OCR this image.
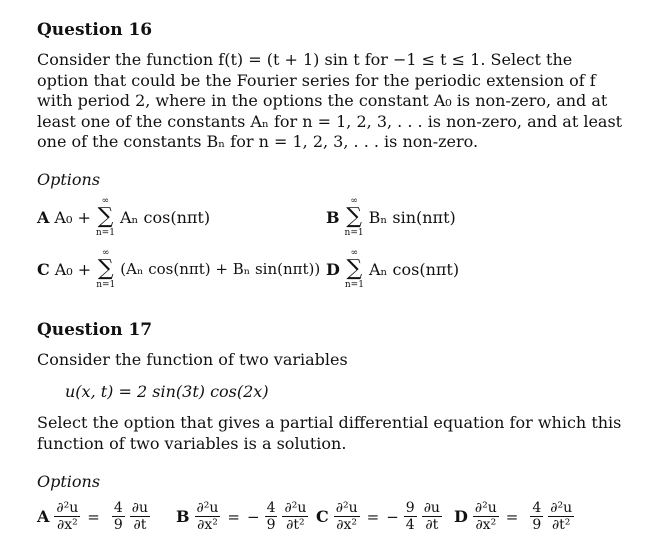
Question 16
Consider the function f(t) = (t + 1) sin t for −1 ≤ t ≤ 1. Select the
option that could be the Fourier series for the periodic extension of f
with period 2, where in the options the constant A₀ is non-zero, and at
least one of the constants Aₙ for n = 1, 2, 3, . . . is non-zero, and at least
one of the constants Bₙ for n = 1, 2, 3, . . . is non-zero.
Options
A A₀ +
∞
∑
n=1
Aₙ cos(nπt)	B
∞
∑
n=1
Bₙ sin(nπt)
C A₀ +
∞
∑
n=1
(Aₙ cos(nπt) + Bₙ sin(nπt)) D
∞
∑
n=1
Aₙ cos(nπt)
Question 17
Consider the function of two variables
u(x, t) = 2 sin(3t) cos(2x)
Select the option that gives a partial differential equation for which this
function of two variables is a solution.
Options
A $\frac{\text{∂²u}}{\text{∂x²}} = \frac{4}{9} \frac{\partial u}{\partial t}$ B $\frac{\text{∂²u}}{\text{∂x²}}$ = − $\frac{4}{9} \frac{\text{∂²u}}{\text{∂t²}}$ C $\frac{\text{∂²u}}{\text{∂x²}}$ = − $\frac{9}{4} \frac{\partial u}{\partial t}$ D $\frac{\text{∂²u}}{\text{∂x²}} = \frac{4}{9} \frac{\text{∂²u}}{\text{∂t²}}$
